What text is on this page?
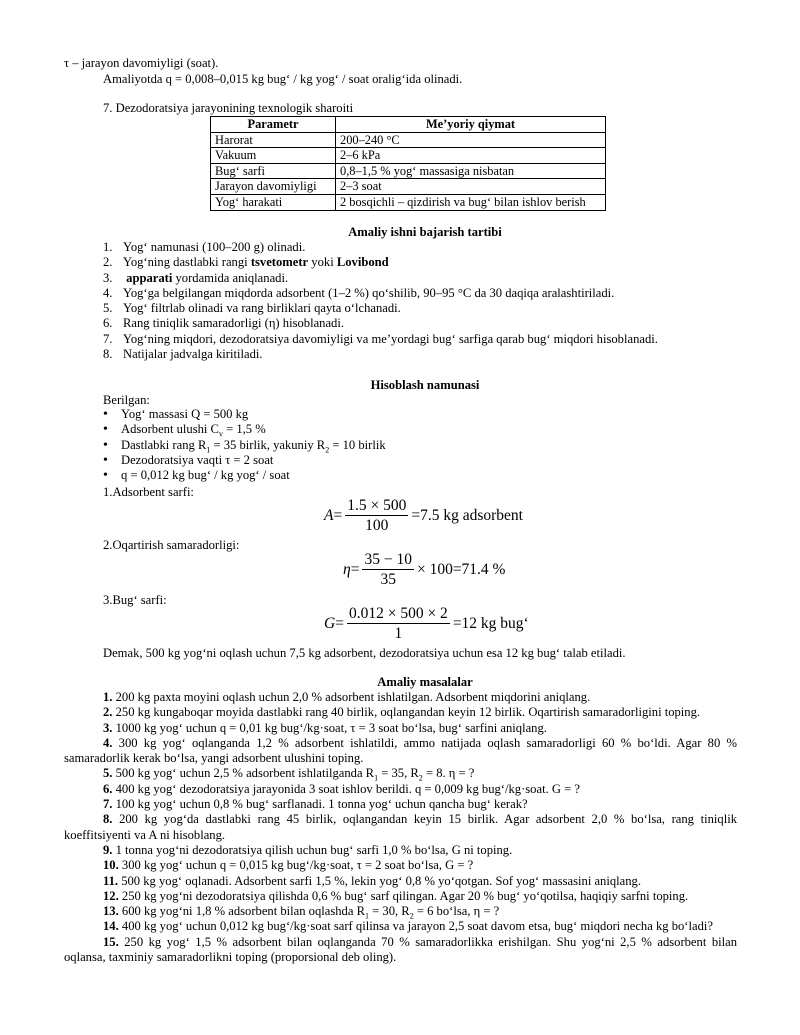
τ – jarayon davomiyligi (soat).
Amaliyotda q = 0,008–0,015 kg bug‘ / kg yog‘ / soat oralig‘ida olinadi.
7. Dezodoratsiya jarayonining texnologik sharoiti
Parametr	Me’yoriy qiymat
Harorat	200–240 °C
Vakuum	2–6 kPa
Bug‘ sarfi	0,8–1,5 % yog‘ massasiga nisbatan
Jarayon davomiyligi	2–3 soat
Yog‘ harakati	2 bosqichli – qizdirish va bug‘ bilan ishlov berish
Amaliy ishni bajarish tartibi
1. Yog‘ namunasi (100–200 g) olinadi.
2. Yog‘ning dastlabki rangi tsvetometr yoki Lovibond
3. apparati yordamida aniqlanadi.
4. Yog‘ga belgilangan miqdorda adsorbent (1–2 %) qo‘shilib, 90–95 °C da 30 daqiqa aralashtiriladi.
5. Yog‘ filtrlab olinadi va rang birliklari qayta o‘lchanadi.
6. Rang tiniqlik samaradorligi (η) hisoblanadi.
7. Yog‘ning miqdori, dezodoratsiya davomiyligi va me’yordagi bug‘ sarfiga qarab bug‘ miqdori hisoblanadi.
8. Natijalar jadvalga kiritiladi.
Hisoblash namunasi
Berilgan:
• Yog‘ massasi Q = 500 kg
• Adsorbent ulushi $C_v = 1,5$ %
• Dastlabki rang $R_1 = 35$ birlik, yakuniy $R_2 = 10$ birlik
• Dezodoratsiya vaqti τ = 2 soat
• q = 0,012 kg bug‘ / kg yog‘ / soat
1.Adsorbent sarfi:
$A = \frac{1.5 \times 500}{100} =7.5$ kg adsorbent
2.Oqartirish samaradorligi:
$\eta = \frac{35 - 10}{35} \times 100=71.4$ %
3.Bug‘ sarfi:
$G = \frac{0.012 \times 500 \times 2}{1} =12$ kg bug‘
Demak, 500 kg yog‘ni oqlash uchun 7,5 kg adsorbent, dezodoratsiya uchun esa 12 kg bug‘ talab etiladi.
Amaliy masalalar
1. 200 kg paxta moyini oqlash uchun 2,0 % adsorbent ishlatilgan. Adsorbent miqdorini aniqlang.
2. 250 kg kungaboqar moyida dastlabki rang 40 birlik, oqlangandan keyin 12 birlik. Oqartirish samaradorligini toping.
3. 1000 kg yog‘ uchun q = 0,01 kg bug‘/kg·soat, τ = 3 soat bo‘lsa, bug‘ sarfini aniqlang.
4. 300 kg yog‘ oqlanganda 1,2 % adsorbent ishlatildi, ammo natijada oqlash samaradorligi 60 % bo‘ldi. Agar 80 % samaradorlik kerak bo‘lsa, yangi adsorbent ulushini toping.
5. 500 kg yog‘ uchun 2,5 % adsorbent ishlatilganda $R_1 = 35$, $R_2 = 8$. η = ?
6. 400 kg yog‘ dezodoratsiya jarayonida 3 soat ishlov berildi. q = 0,009 kg bug‘/kg·soat. G = ?
7. 100 kg yog‘ uchun 0,8 % bug‘ sarflanadi. 1 tonna yog‘ uchun qancha bug‘ kerak?
8. 200 kg yog‘da dastlabki rang 45 birlik, oqlangandan keyin 15 birlik. Agar adsorbent 2,0 % bo‘lsa, rang tiniqlik koeffitsiyenti va A ni hisoblang.
9. 1 tonna yog‘ni dezodoratsiya qilish uchun bug‘ sarfi 1,0 % bo‘lsa, G ni toping.
10. 300 kg yog‘ uchun q = 0,015 kg bug‘/kg·soat, τ = 2 soat bo‘lsa, G = ?
11. 500 kg yog‘ oqlanadi. Adsorbent sarfi 1,5 %, lekin yog‘ 0,8 % yo‘qotgan. Sof yog‘ massasini aniqlang.
12. 250 kg yog‘ni dezodoratsiya qilishda 0,6 % bug‘ sarf qilingan. Agar 20 % bug‘ yo‘qotilsa, haqiqiy sarfni toping.
13. 600 kg yog‘ni 1,8 % adsorbent bilan oqlashda $R_1 = 30$, $R_2 = 6$ bo‘lsa, η = ?
14. 400 kg yog‘ uchun 0,012 kg bug‘/kg·soat sarf qilinsa va jarayon 2,5 soat davom etsa, bug‘ miqdori necha kg bo‘ladi?
15. 250 kg yog‘ 1,5 % adsorbent bilan oqlanganda 70 % samaradorlikka erishilgan. Shu yog‘ni 2,5 % adsorbent bilan oqlansa, taxminiy samaradorlikni toping (proporsional deb oling).
